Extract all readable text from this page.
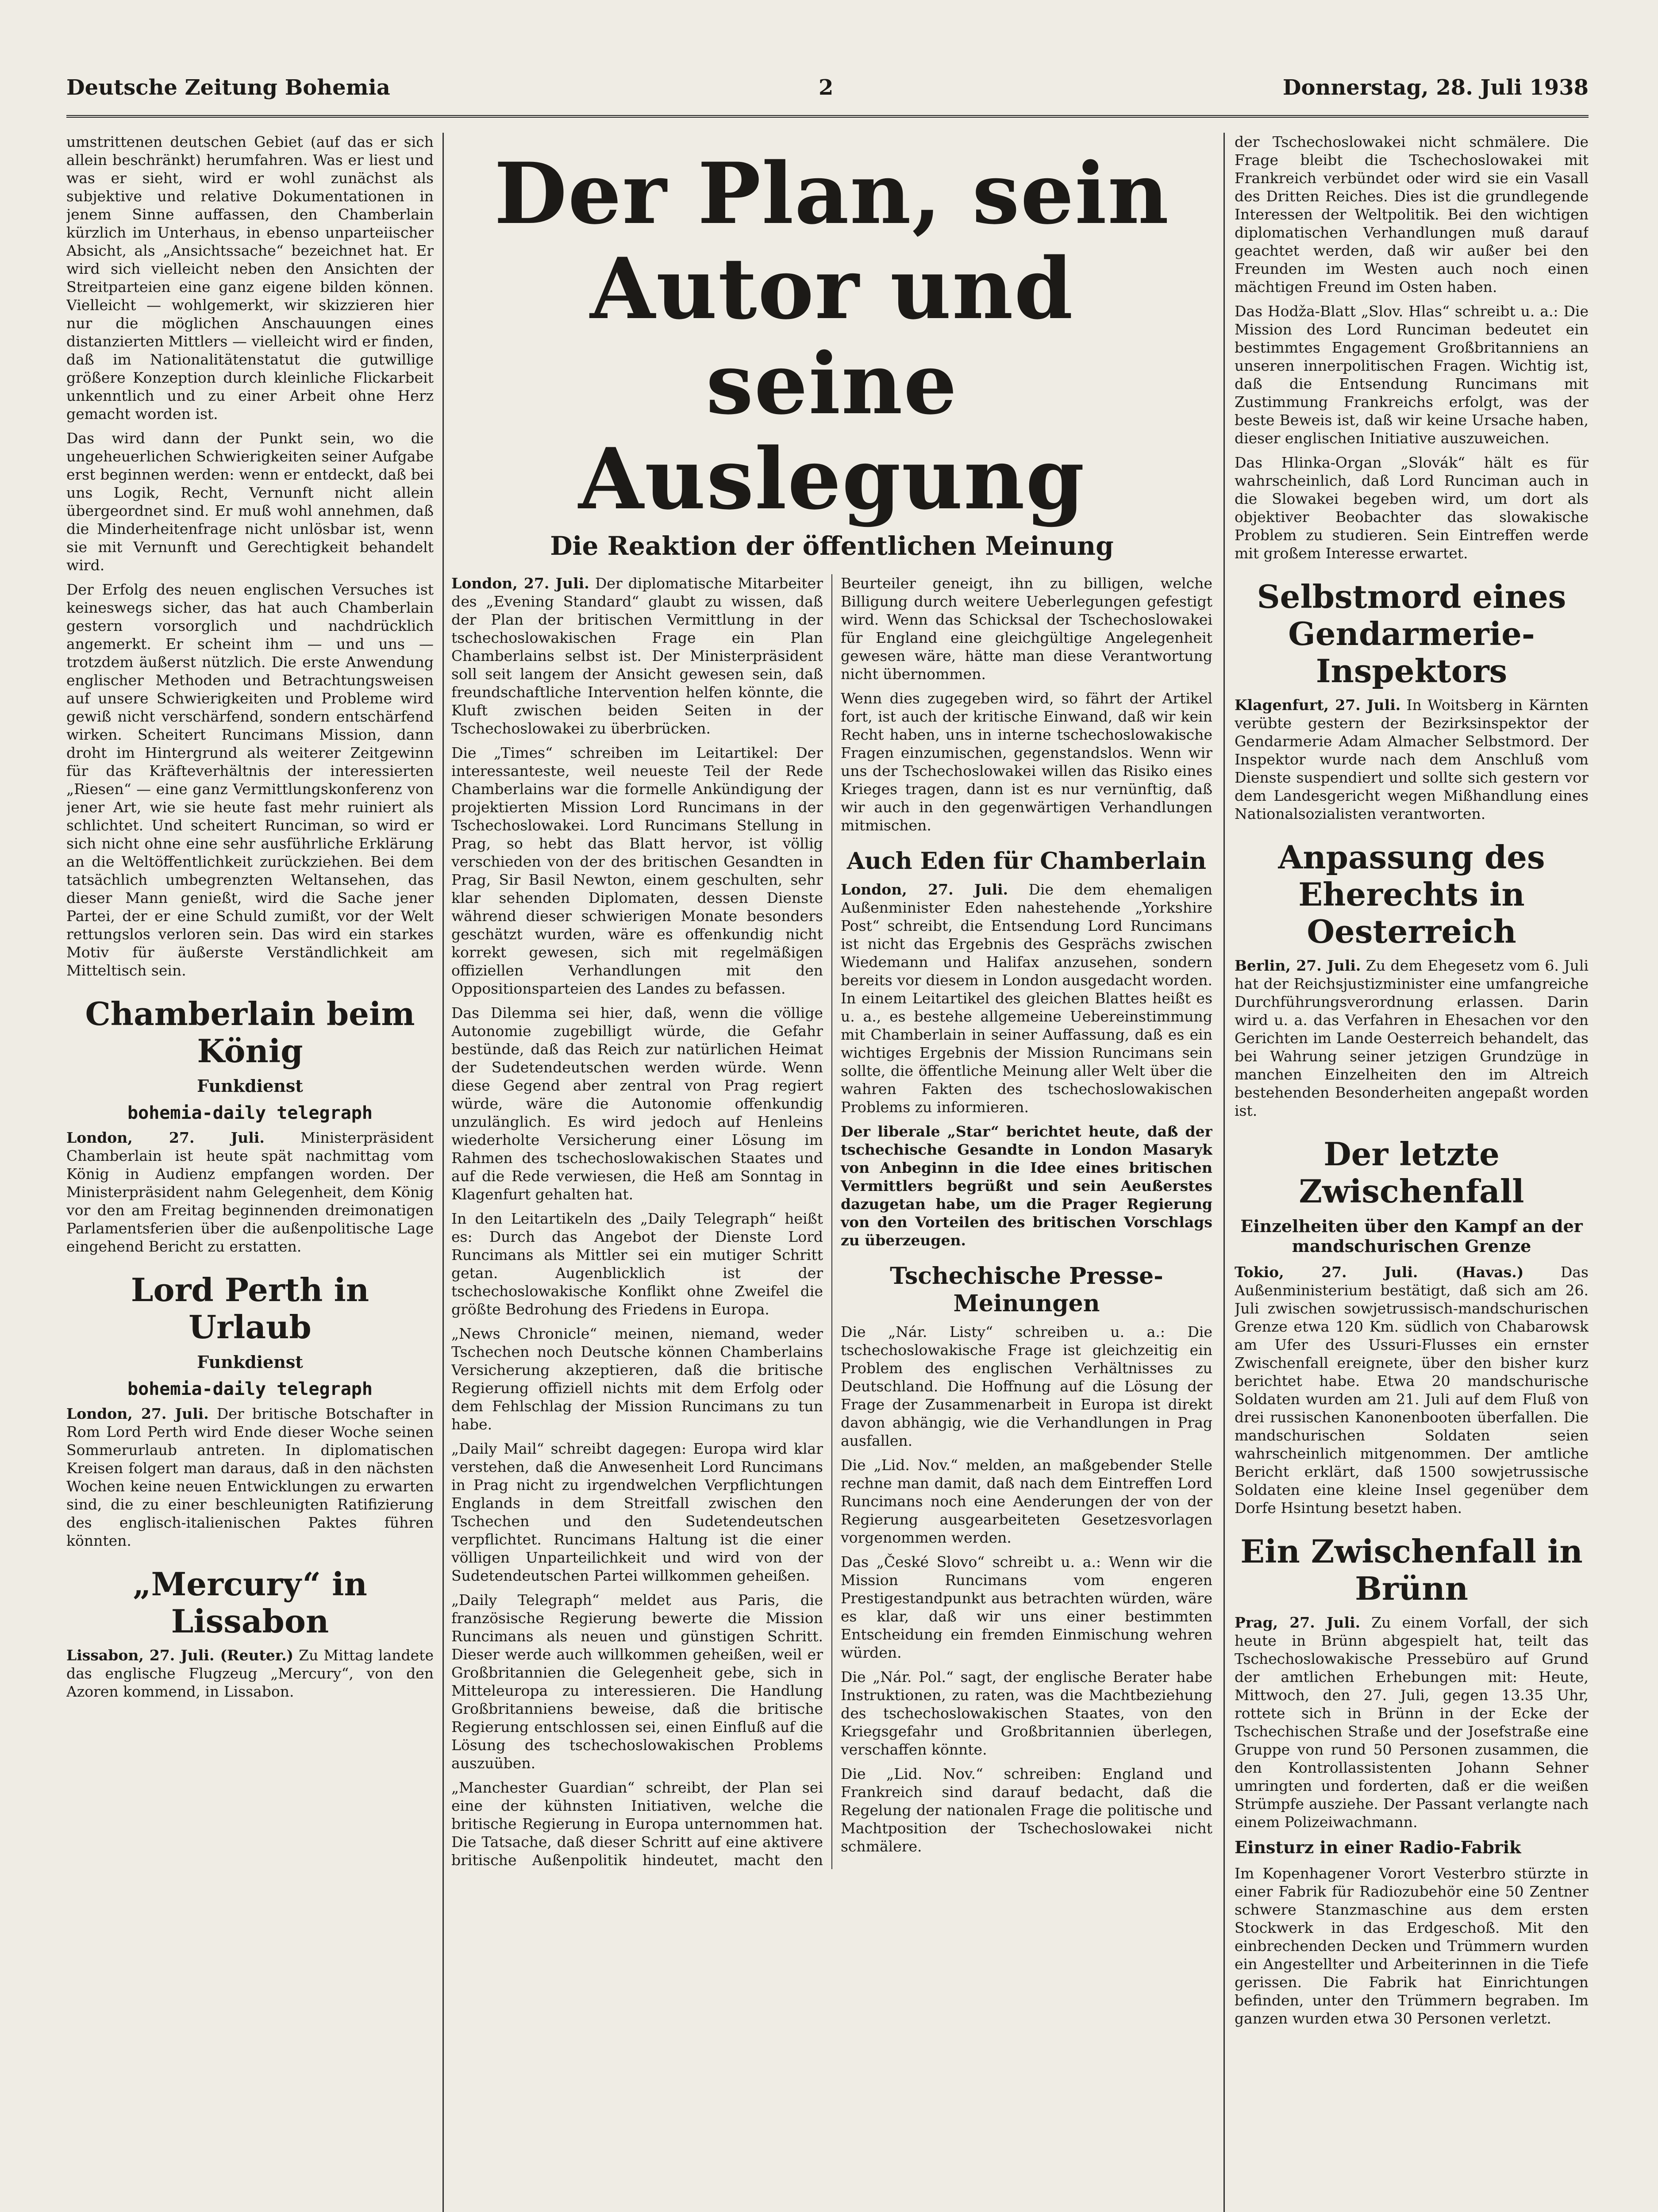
Deutsche Zeitung Bohemia	2	Donnerstag, 28. Juli 1938

umstrittenen deutschen Gebiet (auf das er sich allein beschränkt) herumfahren. Was er liest und was er sieht, wird er wohl zunächst als subjektive und relative Dokumentationen in jenem Sinne auffassen, den Chamberlain kürzlich im Unterhaus, in ebenso unparteiischer Absicht, als „Ansichtssache“ bezeichnet hat. Er wird sich vielleicht neben den Ansichten der Streitparteien eine ganz eigene bilden können. Vielleicht — wohlgemerkt, wir skizzieren hier nur die möglichen Anschauungen eines distanzierten Mittlers — vielleicht wird er finden, daß im Nationalitätenstatut die gutwillige größere Konzeption durch kleinliche Flickarbeit unkenntlich und zu einer Arbeit ohne Herz gemacht worden ist.

Das wird dann der Punkt sein, wo die ungeheuerlichen Schwierigkeiten seiner Aufgabe erst beginnen werden: wenn er entdeckt, daß bei uns Logik, Recht, Vernunft nicht allein übergeordnet sind. Er muß wohl annehmen, daß die Minderheitenfrage nicht unlösbar ist, wenn sie mit Vernunft und Gerechtigkeit behandelt wird.

Der Erfolg des neuen englischen Versuches ist keineswegs sicher, das hat auch Chamberlain gestern vorsorglich und nachdrücklich angemerkt. Er scheint ihm — und uns — trotzdem äußerst nützlich. Die erste Anwendung englischer Methoden und Betrachtungsweisen auf unsere Schwierigkeiten und Probleme wird gewiß nicht verschärfend, sondern entschärfend wirken. Scheitert Runcimans Mission, dann droht im Hintergrund als weiterer Zeitgewinn für das Kräfteverhältnis der interessierten „Riesen“ — eine ganz Vermittlungskonferenz von jener Art, wie sie heute fast mehr ruiniert als schlichtet. Und scheitert Runciman, so wird er sich nicht ohne eine sehr ausführliche Erklärung an die Weltöffentlichkeit zurückziehen. Bei dem tatsächlich umbegrenzten Weltansehen, das dieser Mann genießt, wird die Sache jener Partei, der er eine Schuld zumißt, vor der Welt rettungslos verloren sein. Das wird ein starkes Motiv für äußerste Verständlichkeit am Mitteltisch sein.

Chamberlain beim König
Funkdienst
bohemia-daily telegraph

London, 27. Juli. Ministerpräsident Chamberlain ist heute spät nachmittag vom König in Audienz empfangen worden. Der Ministerpräsident nahm Gelegenheit, dem König vor den am Freitag beginnenden dreimonatigen Parlamentsferien über die außenpolitische Lage eingehend Bericht zu erstatten.

Lord Perth in Urlaub
Funkdienst
bohemia-daily telegraph

London, 27. Juli. Der britische Botschafter in Rom Lord Perth wird Ende dieser Woche seinen Sommerurlaub antreten. In diplomatischen Kreisen folgert man daraus, daß in den nächsten Wochen keine neuen Entwicklungen zu erwarten sind, die zu einer beschleunigten Ratifizierung des englisch-italienischen Paktes führen könnten.

„Mercury“ in Lissabon

Lissabon, 27. Juli. (Reuter.) Zu Mittag landete das englische Flugzeug „Mercury“, von den Azoren kommend, in Lissabon.

Der Plan, sein Autor und seine Auslegung
Die Reaktion der öffentlichen Meinung

London, 27. Juli. Der diplomatische Mitarbeiter des „Evening Standard“ glaubt zu wissen, daß der Plan der britischen Vermittlung in der tschechoslowakischen Frage ein Plan Chamberlains selbst ist. Der Ministerpräsident soll seit langem der Ansicht gewesen sein, daß freundschaftliche Intervention helfen könnte, die Kluft zwischen beiden Seiten in der Tschechoslowakei zu überbrücken.

Die „Times“ schreiben im Leitartikel: Der interessanteste, weil neueste Teil der Rede Chamberlains war die formelle Ankündigung der projektierten Mission Lord Runcimans in der Tschechoslowakei. Lord Runcimans Stellung in Prag, so hebt das Blatt hervor, ist völlig verschieden von der des britischen Gesandten in Prag, Sir Basil Newton, einem geschulten, sehr klar sehenden Diplomaten, dessen Dienste während dieser schwierigen Monate besonders geschätzt wurden, wäre es offenkundig nicht korrekt gewesen, sich mit regelmäßigen offiziellen Verhandlungen mit den Oppositionsparteien des Landes zu befassen.

Das Dilemma sei hier, daß, wenn die völlige Autonomie zugebilligt würde, die Gefahr bestünde, daß das Reich zur natürlichen Heimat der Sudetendeutschen werden würde. Wenn diese Gegend aber zentral von Prag regiert würde, wäre die Autonomie offenkundig unzulänglich. Es wird jedoch auf Henleins wiederholte Versicherung einer Lösung im Rahmen des tschechoslowakischen Staates und auf die Rede verwiesen, die Heß am Sonntag in Klagenfurt gehalten hat.

In den Leitartikeln des „Daily Telegraph“ heißt es: Durch das Angebot der Dienste Lord Runcimans als Mittler sei ein mutiger Schritt getan. Augenblicklich ist der tschechoslowakische Konflikt ohne Zweifel die größte Bedrohung des Friedens in Europa.

„News Chronicle“ meinen, niemand, weder Tschechen noch Deutsche können Chamberlains Versicherung akzeptieren, daß die britische Regierung offiziell nichts mit dem Erfolg oder dem Fehlschlag der Mission Runcimans zu tun habe.

„Daily Mail“ schreibt dagegen: Europa wird klar verstehen, daß die Anwesenheit Lord Runcimans in Prag nicht zu irgendwelchen Verpflichtungen Englands in dem Streitfall zwischen den Tschechen und den Sudetendeutschen verpflichtet. Runcimans Haltung ist die einer völligen Unparteilichkeit und wird von der Sudetendeutschen Partei willkommen geheißen.

„Daily Telegraph“ meldet aus Paris, die französische Regierung bewerte die Mission Runcimans als neuen und günstigen Schritt. Dieser werde auch willkommen geheißen, weil er Großbritannien die Gelegenheit gebe, sich in Mitteleuropa zu interessieren. Die Handlung Großbritanniens beweise, daß die britische Regierung entschlossen sei, einen Einfluß auf die Lösung des tschechoslowakischen Problems auszuüben.

„Manchester Guardian“ schreibt, der Plan sei eine der kühnsten Initiativen, welche die britische Regierung in Europa unternommen hat. Die Tatsache, daß dieser Schritt auf eine aktivere britische Außenpolitik hindeutet, macht den Beurteiler geneigt, ihn zu billigen, welche Billigung durch weitere Ueberlegungen gefestigt wird. Wenn das Schicksal der Tschechoslowakei für England eine gleichgültige Angelegenheit gewesen wäre, hätte man diese Verantwortung nicht übernommen.

Wenn dies zugegeben wird, so fährt der Artikel fort, ist auch der kritische Einwand, daß wir kein Recht haben, uns in interne tschechoslowakische Fragen einzumischen, gegenstandslos. Wenn wir uns der Tschechoslowakei willen das Risiko eines Krieges tragen, dann ist es nur vernünftig, daß wir auch in den gegenwärtigen Verhandlungen mitmischen.

Auch Eden für Chamberlain

London, 27. Juli. Die dem ehemaligen Außenminister Eden nahestehende „Yorkshire Post“ schreibt, die Entsendung Lord Runcimans ist nicht das Ergebnis des Gesprächs zwischen Wiedemann und Halifax anzusehen, sondern bereits vor diesem in London ausgedacht worden. In einem Leitartikel des gleichen Blattes heißt es u. a., es bestehe allgemeine Uebereinstimmung mit Chamberlain in seiner Auffassung, daß es ein wichtiges Ergebnis der Mission Runcimans sein sollte, die öffentliche Meinung aller Welt über die wahren Fakten des tschechoslowakischen Problems zu informieren.

Der liberale „Star“ berichtet heute, daß der tschechische Gesandte in London Masaryk von Anbeginn in die Idee eines britischen Vermittlers begrüßt und sein Aeußerstes dazugetan habe, um die Prager Regierung von den Vorteilen des britischen Vorschlags zu überzeugen.

Tschechische Presse-Meinungen

Die „Nár. Listy“ schreiben u. a.: Die tschechoslowakische Frage ist gleichzeitig ein Problem des englischen Verhältnisses zu Deutschland. Die Hoffnung auf die Lösung der Frage der Zusammenarbeit in Europa ist direkt davon abhängig, wie die Verhandlungen in Prag ausfallen.

Die „Lid. Nov.“ melden, an maßgebender Stelle rechne man damit, daß nach dem Eintreffen Lord Runcimans noch eine Aenderungen der von der Regierung ausgearbeiteten Gesetzesvorlagen vorgenommen werden.

Das „České Slovo“ schreibt u. a.: Wenn wir die Mission Runcimans vom engeren Prestigestandpunkt aus betrachten würden, wäre es klar, daß wir uns einer bestimmten Entscheidung ein fremden Einmischung wehren würden.

Die „Nár. Pol.“ sagt, der englische Berater habe Instruktionen, zu raten, was die Machtbeziehung des tschechoslowakischen Staates, von den Kriegsgefahr und Großbritannien überlegen, verschaffen könnte.

Die „Lid. Nov.“ schreiben: England und Frankreich sind darauf bedacht, daß die Regelung der nationalen Frage die politische und Machtposition der Tschechoslowakei nicht schmälere.

der Tschechoslowakei nicht schmälere. Die Frage bleibt die Tschechoslowakei mit Frankreich verbündet oder wird sie ein Vasall des Dritten Reiches. Dies ist die grundlegende Interessen der Weltpolitik. Bei den wichtigen diplomatischen Verhandlungen muß darauf geachtet werden, daß wir außer bei den Freunden im Westen auch noch einen mächtigen Freund im Osten haben.

Das Hodža-Blatt „Slov. Hlas“ schreibt u. a.: Die Mission des Lord Runciman bedeutet ein bestimmtes Engagement Großbritanniens an unseren innerpolitischen Fragen. Wichtig ist, daß die Entsendung Runcimans mit Zustimmung Frankreichs erfolgt, was der beste Beweis ist, daß wir keine Ursache haben, dieser englischen Initiative auszuweichen.

Das Hlinka-Organ „Slovák“ hält es für wahrscheinlich, daß Lord Runciman auch in die Slowakei begeben wird, um dort als objektiver Beobachter das slowakische Problem zu studieren. Sein Eintreffen werde mit großem Interesse erwartet.

Selbstmord eines Gendarmerie-Inspektors

Klagenfurt, 27. Juli. In Woitsberg in Kärnten verübte gestern der Bezirksinspektor der Gendarmerie Adam Almacher Selbstmord. Der Inspektor wurde nach dem Anschluß vom Dienste suspendiert und sollte sich gestern vor dem Landesgericht wegen Mißhandlung eines Nationalsozialisten verantworten.

Anpassung des Eherechts in Oesterreich

Berlin, 27. Juli. Zu dem Ehegesetz vom 6. Juli hat der Reichsjustizminister eine umfangreiche Durchführungsverordnung erlassen. Darin wird u. a. das Verfahren in Ehesachen vor den Gerichten im Lande Oesterreich behandelt, das bei Wahrung seiner jetzigen Grundzüge in manchen Einzelheiten den im Altreich bestehenden Besonderheiten angepaßt worden ist.

Der letzte Zwischenfall
Einzelheiten über den Kampf an der mandschurischen Grenze

Tokio, 27. Juli. (Havas.)	Das Außenministerium bestätigt, daß sich am 26. Juli zwischen sowjetrussisch-mandschurischen Grenze etwa 120 Km. südlich von Chabarowsk am Ufer des Ussuri-Flusses ein ernster Zwischenfall ereignete, über den bisher kurz berichtet habe. Etwa 20 mandschurische Soldaten wurden am 21. Juli auf dem Fluß von drei russischen Kanonenbooten überfallen. Die mandschurischen Soldaten seien wahrscheinlich mitgenommen. Der amtliche Bericht erklärt, daß 1500 sowjetrussische Soldaten eine kleine Insel gegenüber dem Dorfe Hsintung besetzt haben.

Ein Zwischenfall in Brünn

Prag, 27. Juli. Zu einem Vorfall, der sich heute in Brünn abgespielt hat, teilt das Tschechoslowakische Pressebüro auf Grund der amtlichen Erhebungen mit: Heute, Mittwoch, den 27. Juli, gegen 13.35 Uhr, rottete sich in Brünn in der Ecke der Tschechischen Straße und der Josefstraße eine Gruppe von rund 50 Personen zusammen, die den Kontrollassistenten Johann Sehner umringten und forderten, daß er die weißen Strümpfe ausziehe. Der Passant verlangte nach einem Polizeiwachmann.

Einsturz in einer Radio-Fabrik

Im Kopenhagener Vorort Vesterbro stürzte in einer Fabrik für Radiozubehör eine 50 Zentner schwere Stanzmaschine aus dem ersten Stockwerk in das Erdgeschoß. Mit den einbrechenden Decken und Trümmern wurden ein Angestellter und Arbeiterinnen in die Tiefe gerissen. Die Fabrik hat Einrichtungen befinden, unter den Trümmern begraben. Im ganzen wurden etwa 30 Personen verletzt.
